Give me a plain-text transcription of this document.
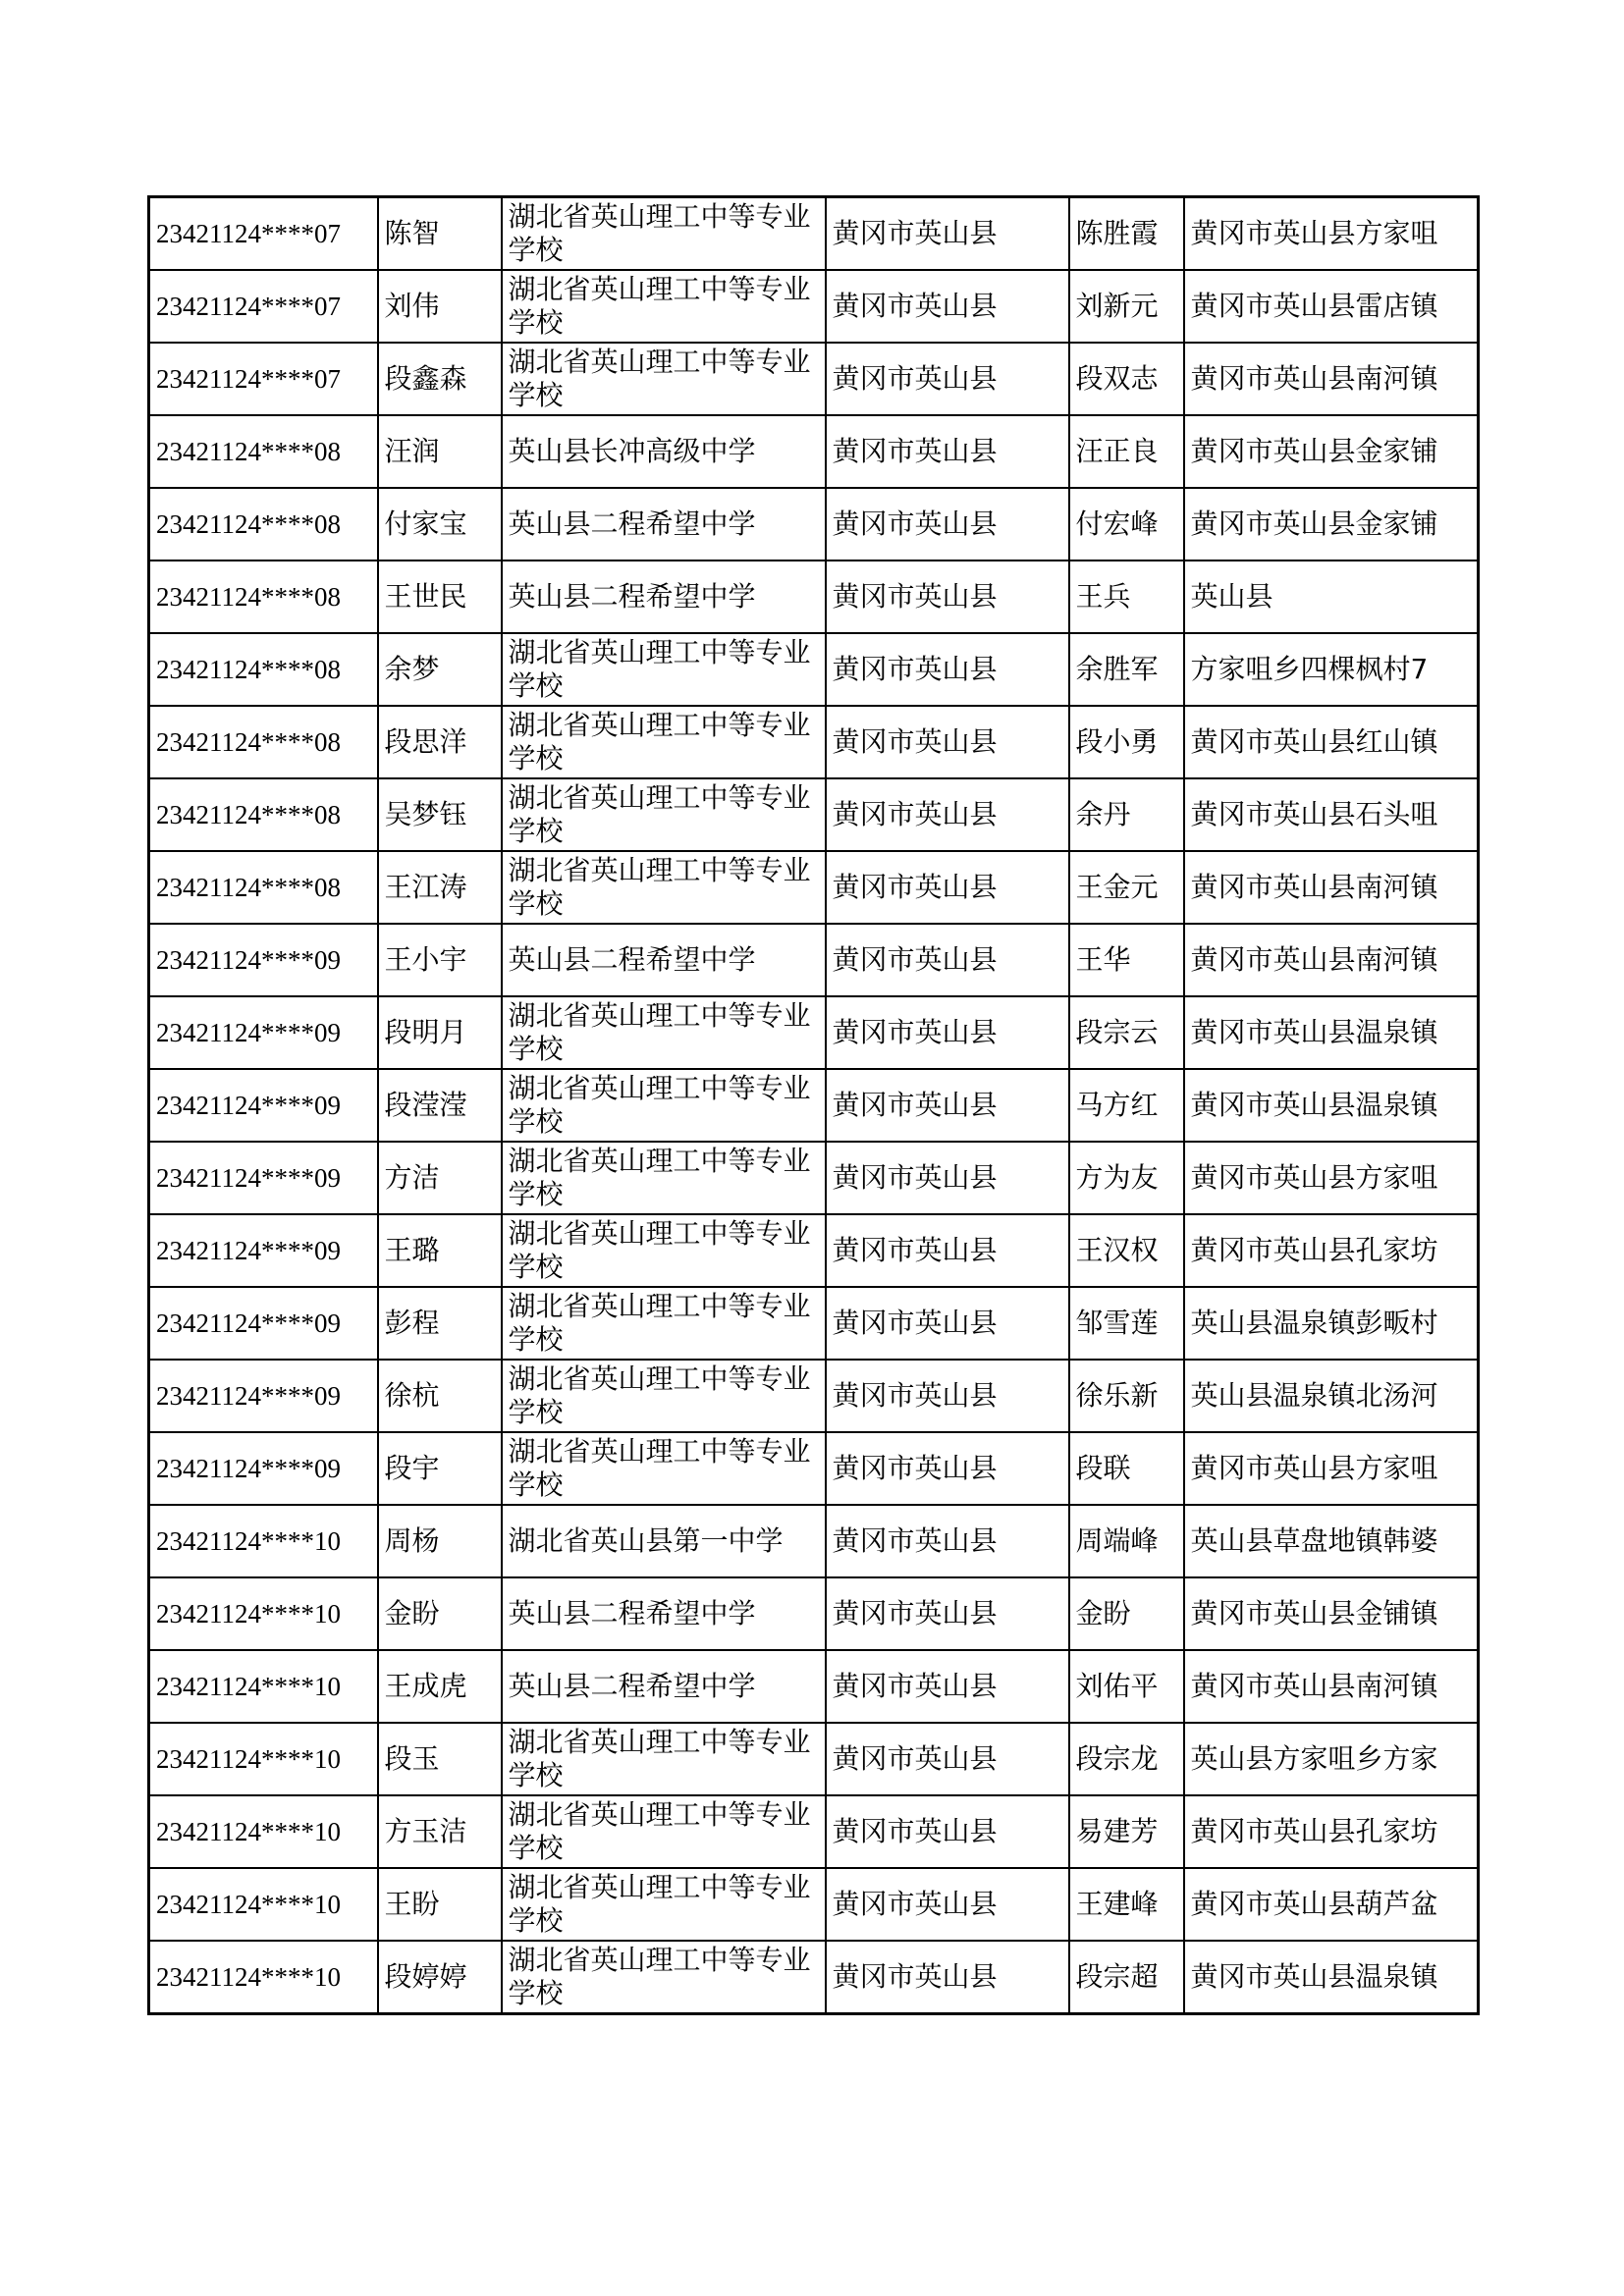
23421124****07	陈智	湖北省英山理工中等专业学校	黄冈市英山县	陈胜霞	黄冈市英山县方家咀
23421124****07	刘伟	湖北省英山理工中等专业学校	黄冈市英山县	刘新元	黄冈市英山县雷店镇
23421124****07	段鑫森	湖北省英山理工中等专业学校	黄冈市英山县	段双志	黄冈市英山县南河镇
23421124****08	汪润	英山县长冲高级中学	黄冈市英山县	汪正良	黄冈市英山县金家铺
23421124****08	付家宝	英山县二程希望中学	黄冈市英山县	付宏峰	黄冈市英山县金家铺
23421124****08	王世民	英山县二程希望中学	黄冈市英山县	王兵	英山县
23421124****08	余梦	湖北省英山理工中等专业学校	黄冈市英山县	余胜军	方家咀乡四棵枫村7
23421124****08	段思洋	湖北省英山理工中等专业学校	黄冈市英山县	段小勇	黄冈市英山县红山镇
23421124****08	吴梦钰	湖北省英山理工中等专业学校	黄冈市英山县	余丹	黄冈市英山县石头咀
23421124****08	王江涛	湖北省英山理工中等专业学校	黄冈市英山县	王金元	黄冈市英山县南河镇
23421124****09	王小宇	英山县二程希望中学	黄冈市英山县	王华	黄冈市英山县南河镇
23421124****09	段明月	湖北省英山理工中等专业学校	黄冈市英山县	段宗云	黄冈市英山县温泉镇
23421124****09	段滢滢	湖北省英山理工中等专业学校	黄冈市英山县	马方红	黄冈市英山县温泉镇
23421124****09	方洁	湖北省英山理工中等专业学校	黄冈市英山县	方为友	黄冈市英山县方家咀
23421124****09	王璐	湖北省英山理工中等专业学校	黄冈市英山县	王汉权	黄冈市英山县孔家坊
23421124****09	彭程	湖北省英山理工中等专业学校	黄冈市英山县	邹雪莲	英山县温泉镇彭畈村
23421124****09	徐杭	湖北省英山理工中等专业学校	黄冈市英山县	徐乐新	英山县温泉镇北汤河
23421124****09	段宇	湖北省英山理工中等专业学校	黄冈市英山县	段联	黄冈市英山县方家咀
23421124****10	周杨	湖北省英山县第一中学	黄冈市英山县	周端峰	英山县草盘地镇韩婆
23421124****10	金盼	英山县二程希望中学	黄冈市英山县	金盼	黄冈市英山县金铺镇
23421124****10	王成虎	英山县二程希望中学	黄冈市英山县	刘佑平	黄冈市英山县南河镇
23421124****10	段玉	湖北省英山理工中等专业学校	黄冈市英山县	段宗龙	英山县方家咀乡方家
23421124****10	方玉洁	湖北省英山理工中等专业学校	黄冈市英山县	易建芳	黄冈市英山县孔家坊
23421124****10	王盼	湖北省英山理工中等专业学校	黄冈市英山县	王建峰	黄冈市英山县葫芦盆
23421124****10	段婷婷	湖北省英山理工中等专业学校	黄冈市英山县	段宗超	黄冈市英山县温泉镇
